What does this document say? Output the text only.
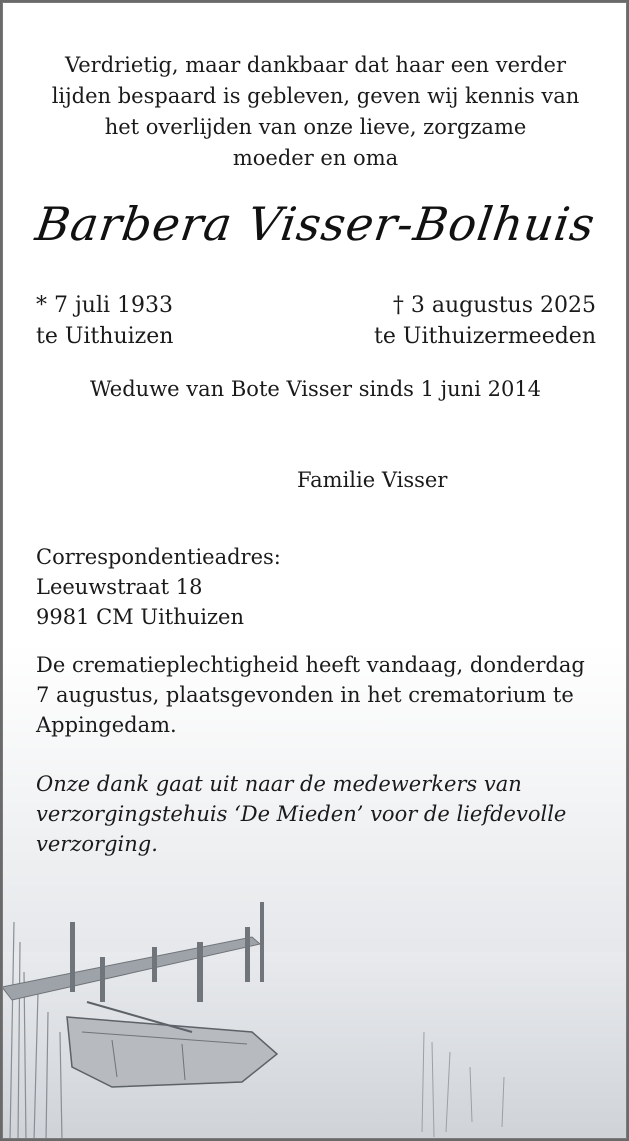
Verdrietig, maar dankbaar dat haar een verder
lijden bespaard is gebleven, geven wij kennis van
het overlijden van onze lieve, zorgzame
moeder en oma
Barbera Visser-Bolhuis
* 7 juli 1933
te Uithuizen
† 3 augustus 2025
te Uithuizermeeden
Weduwe van Bote Visser sinds 1 juni 2014
Familie Visser
Correspondentieadres:
Leeuwstraat 18
9981 CM Uithuizen
De crematieplechtigheid heeft vandaag, donderdag
7 augustus, plaatsgevonden in het crematorium te
Appingedam.
Onze dank gaat uit naar de medewerkers van
verzorgingstehuis ‘De Mieden’ voor de liefdevolle
verzorging.
